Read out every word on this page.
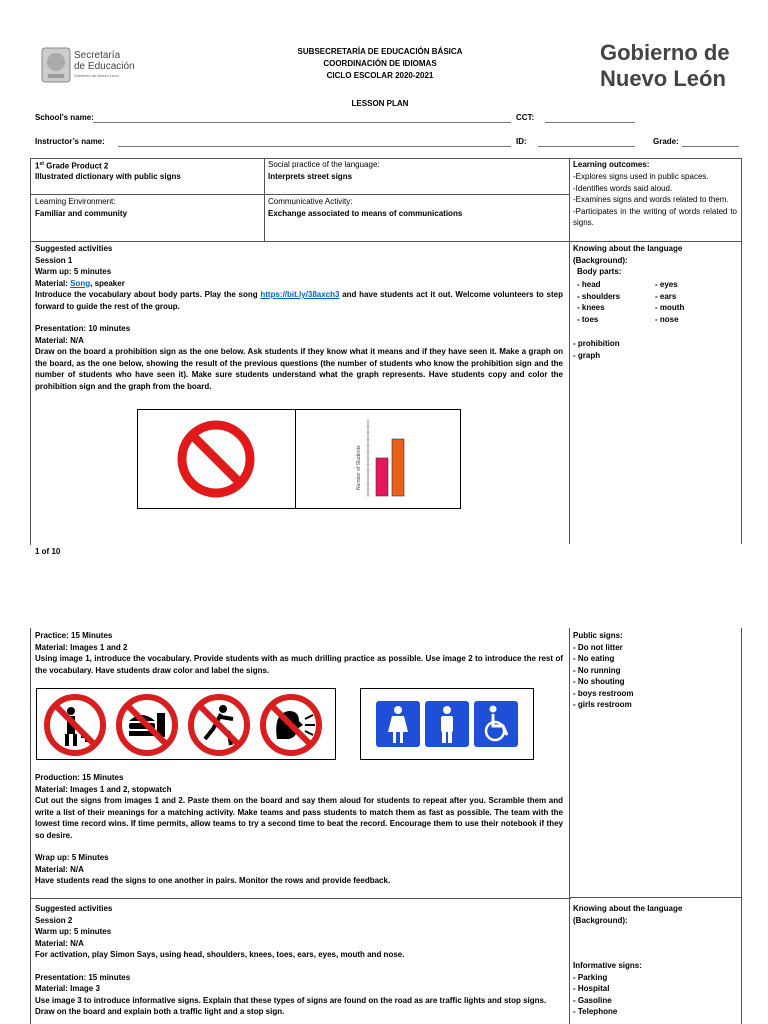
Secretaría
de Educación
Gobierno de Nuevo León
SUBSECRETARÍA DE EDUCACIÓN BÁSICA
COORDINACIÓN DE IDIOMAS
CICLO ESCOLAR 2020-2021
Gobierno de
Nuevo León
LESSON PLAN
School’s name:	CCT:
Instructor’s name:	ID:	Grade:
1st Grade Product 2
Illustrated dictionary with public signs
Social practice of the language:
Interprets street signs
Learning outcomes:
-Explores signs used in public spaces.
-Identifies words said aloud.
-Examines signs and words related to them.
-Participates in the writing of words related to signs.
Learning Environment:
Familiar and community
Communicative Activity:
Exchange associated to means of communications
Suggested activities
Session 1
Warm up: 5 minutes
Material: Song, speaker
Introduce the vocabulary about body parts. Play the song https://bit.ly/38axch3 and have students act it out. Welcome volunteers to step forward to guide the rest of the group.
Presentation: 10 minutes
Material: N/A
Draw on the board a prohibition sign as the one below. Ask students if they know what it means and if they have seen it. Make a graph on the board, as the one below, showing the result of the previous questions (the number of students who know the prohibition sign and the number of students who have seen it). Make sure students understand what the graph represents. Have students copy and color the prohibition sign and the graph from the board.
Number of Students
Knowing about the language
(Background):
Body parts:
- head
- shoulders
- knees
- toes
- eyes
- ears
- mouth
- nose
- prohibition
- graph
1 of 10
Practice: 15 Minutes
Material: Images 1 and 2
Using image 1, introduce the vocabulary. Provide students with as much drilling practice as possible. Use image 2 to introduce the rest of the vocabulary. Have students draw color and label the signs.
Public signs:
- Do not litter
- No eating
- No running
- No shouting
- boys restroom
- girls restroom
Production: 15 Minutes
Material: Images 1 and 2, stopwatch
Cut out the signs from images 1 and 2. Paste them on the board and say them aloud for students to repeat after you. Scramble them and write a list of their meanings for a matching activity. Make teams and pass students to match them as fast as possible. The team with the lowest time record wins. If time permits, allow teams to try a second time to beat the record. Encourage them to use their notebook if they so desire.
Wrap up: 5 Minutes
Material: N/A
Have students read the signs to one another in pairs. Monitor the rows and provide feedback.
Suggested activities
Session 2
Warm up: 5 minutes
Material: N/A
For activation, play Simon Says, using head, shoulders, knees, toes, ears, eyes, mouth and nose.
Presentation: 15 minutes
Material: Image 3
Use image 3 to introduce informative signs. Explain that these types of signs are found on the road as are traffic lights and stop signs.
Draw on the board and explain both a traffic light and a stop sign.
Knowing about the language
(Background):
Informative signs:
- Parking
- Hospital
- Gasoline
- Telephone
